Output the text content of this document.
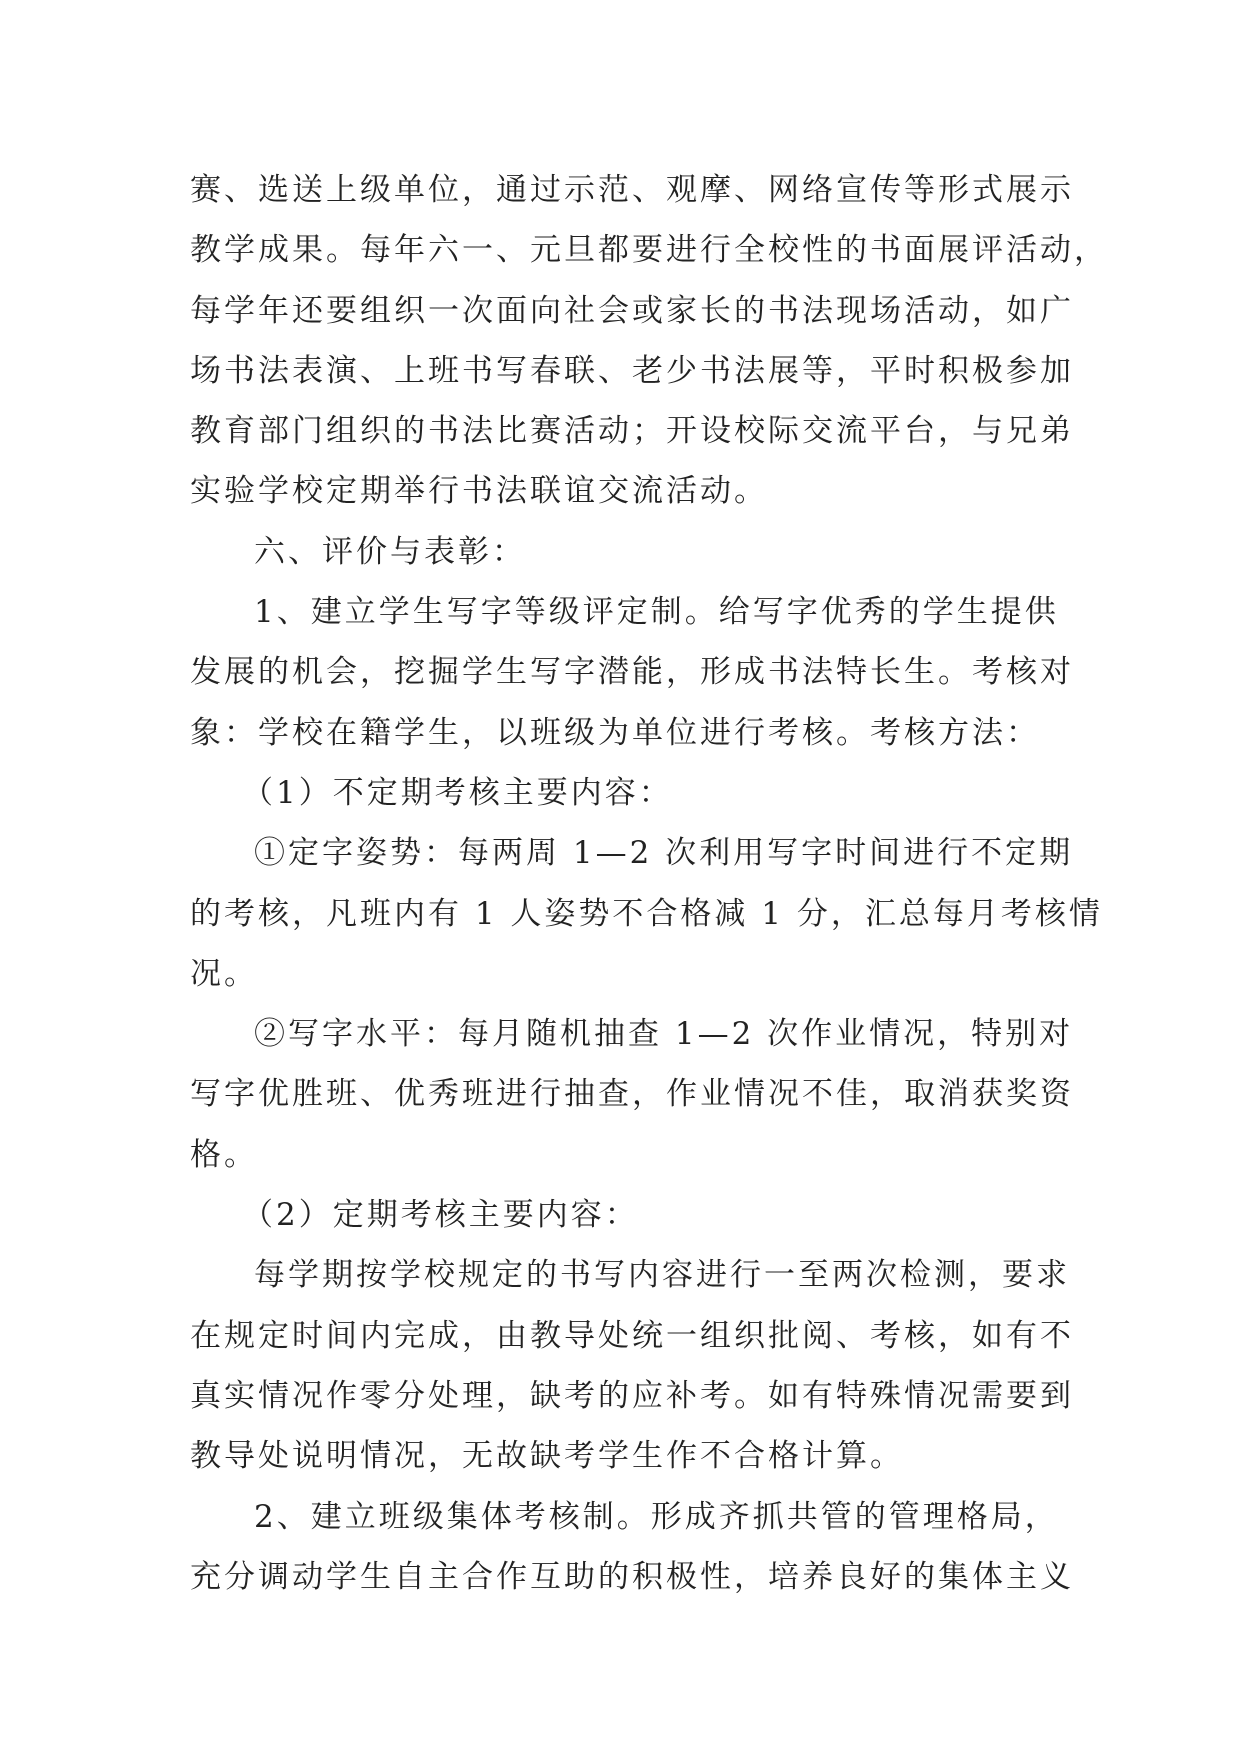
赛、选送上级单位，通过示范、观摩、网络宣传等形式展示
教学成果。每年六一、元旦都要进行全校性的书面展评活动，
每学年还要组织一次面向社会或家长的书法现场活动，如广
场书法表演、上班书写春联、老少书法展等，平时积极参加
教育部门组织的书法比赛活动；开设校际交流平台，与兄弟
实验学校定期举行书法联谊交流活动。
六、评价与表彰：
1、建立学生写字等级评定制。给写字优秀的学生提供
发展的机会，挖掘学生写字潜能，形成书法特长生。考核对
象：学校在籍学生，以班级为单位进行考核。考核方法：
（1）不定期考核主要内容：
①定字姿势：每两周 1—2 次利用写字时间进行不定期
的考核，凡班内有 1 人姿势不合格减 1 分，汇总每月考核情
况。
②写字水平：每月随机抽查 1—2 次作业情况，特别对
写字优胜班、优秀班进行抽查，作业情况不佳，取消获奖资
格。
（2）定期考核主要内容：
每学期按学校规定的书写内容进行一至两次检测，要求
在规定时间内完成，由教导处统一组织批阅、考核，如有不
真实情况作零分处理，缺考的应补考。如有特殊情况需要到
教导处说明情况，无故缺考学生作不合格计算。
2、建立班级集体考核制。形成齐抓共管的管理格局，
充分调动学生自主合作互助的积极性，培养良好的集体主义
